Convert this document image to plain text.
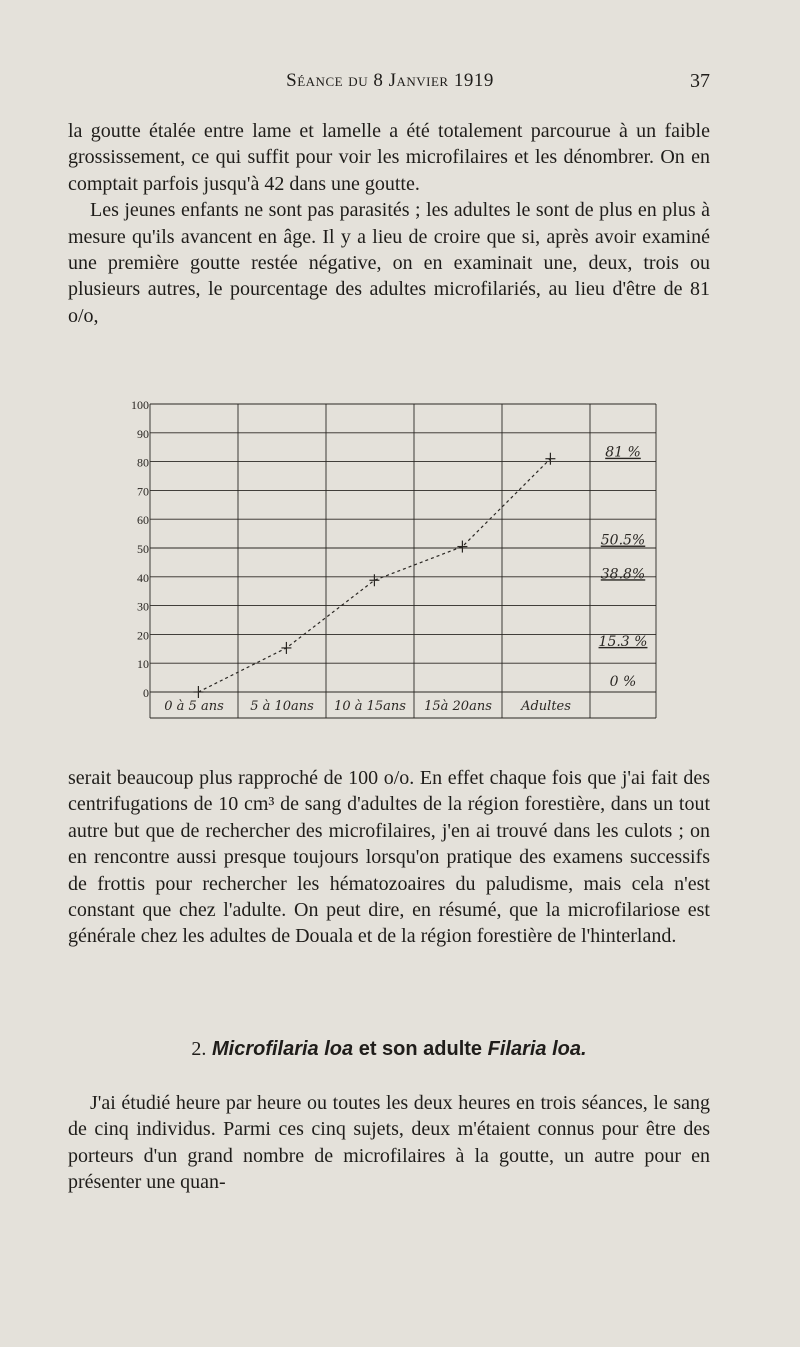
Séance du 8 Janvier 1919	37

la goutte étalée entre lame et lamelle a été totalement parcourue à un faible grossissement, ce qui suffit pour voir les microfilaires et les dénombrer. On en comptait parfois jusqu'à 42 dans une goutte.
Les jeunes enfants ne sont pas parasités ; les adultes le sont de plus en plus à mesure qu'ils avancent en âge. Il y a lieu de croire que si, après avoir examiné une première goutte restée négative, on en examinait une, deux, trois ou plusieurs autres, le pourcentage des adultes microfilariés, au lieu d'être de 81 o/o,

0
10
20
30
40
50
60
70
80
90
100
0 à 5 ans 5 à 10ans 10 à 15ans 15à 20ans Adultes
0 %
15.3 %
38.8%
50.5%
81 %

serait beaucoup plus rapproché de 100 o/o. En effet chaque fois que j'ai fait des centrifugations de 10 cm³ de sang d'adultes de la région forestière, dans un tout autre but que de rechercher des microfilaires, j'en ai trouvé dans les culots ; on en rencontre aussi presque toujours lorsqu'on pratique des examens successifs de frottis pour rechercher les hématozoaires du paludisme, mais cela n'est constant que chez l'adulte. On peut dire, en résumé, que la microfilariose est générale chez les adultes de Douala et de la région forestière de l'hinterland.

2. Microfilaria loa et son adulte Filaria loa.

J'ai étudié heure par heure ou toutes les deux heures en trois séances, le sang de cinq individus. Parmi ces cinq sujets, deux m'étaient connus pour être des porteurs d'un grand nombre de microfilaires à la goutte, un autre pour en présenter une quan-
